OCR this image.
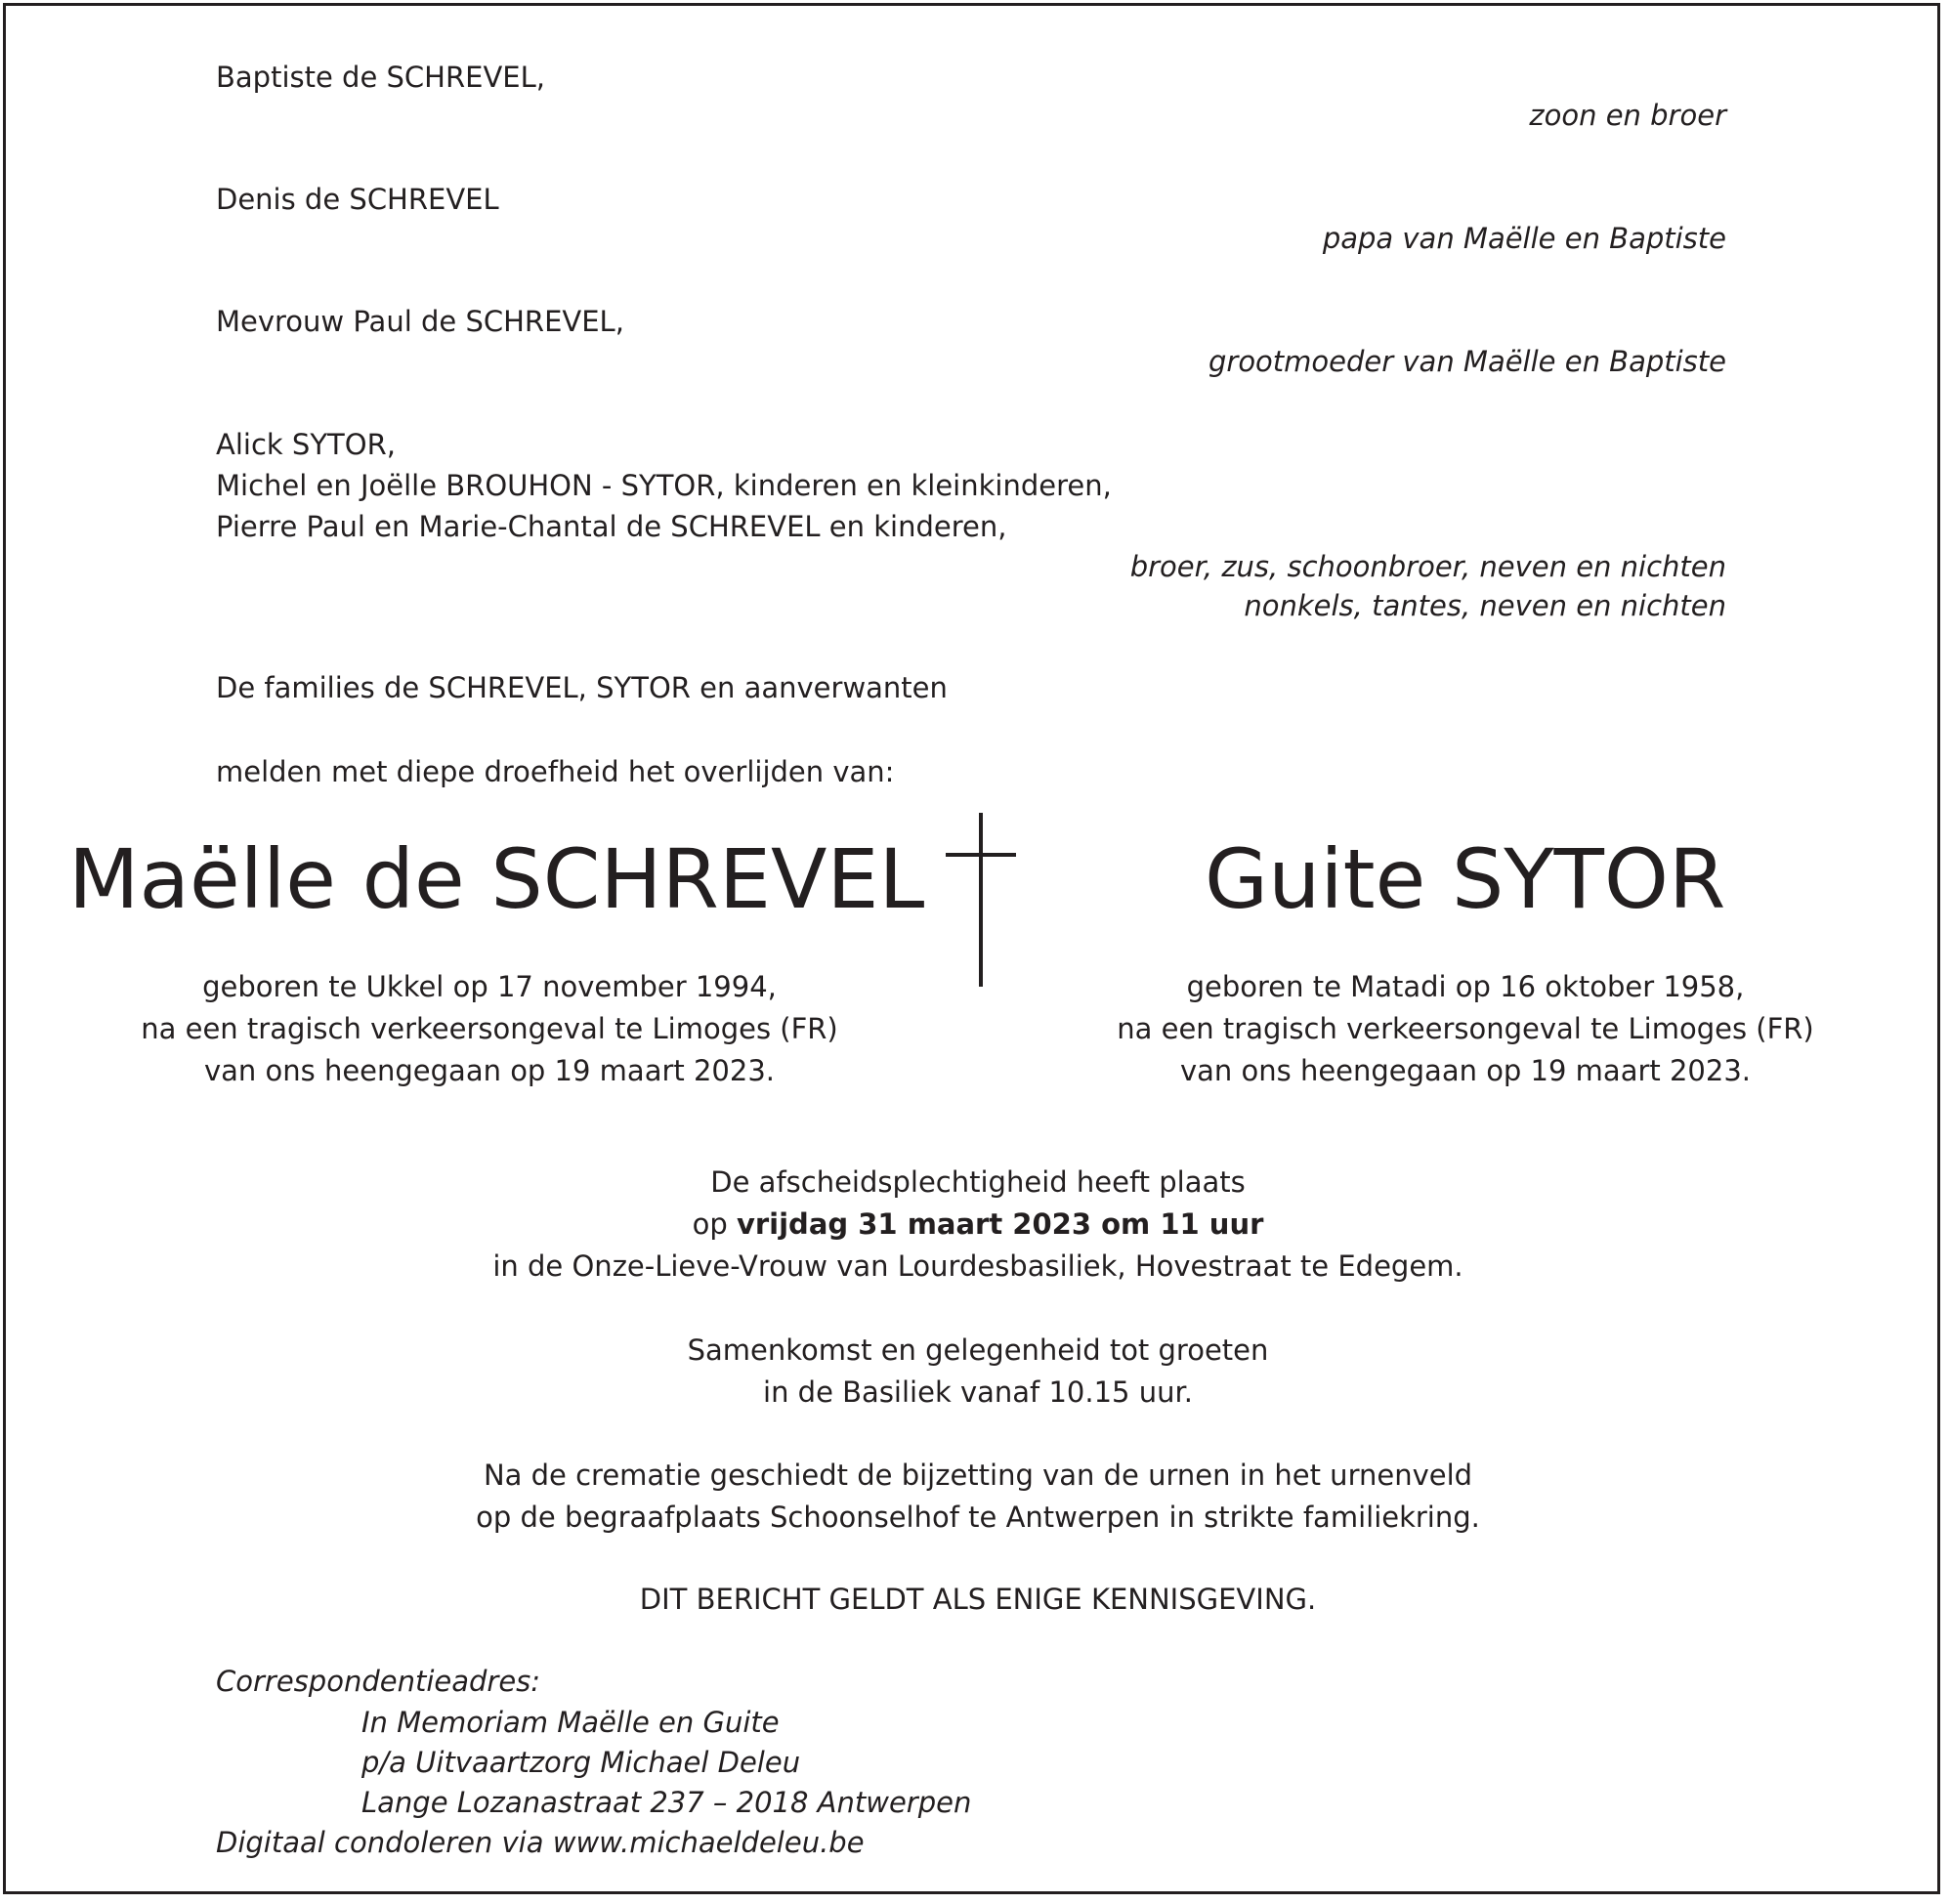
Baptiste de SCHREVEL,
zoon en broer
Denis de SCHREVEL
papa van Maëlle en Baptiste
Mevrouw Paul de SCHREVEL,
grootmoeder van Maëlle en Baptiste
Alick SYTOR,
Michel en Joëlle BROUHON - SYTOR, kinderen en kleinkinderen,
Pierre Paul en Marie-Chantal de SCHREVEL en kinderen,
broer, zus, schoonbroer, neven en nichten
nonkels, tantes, neven en nichten
De families de SCHREVEL, SYTOR en aanverwanten
melden met diepe droefheid het overlijden van:
Maëlle de SCHREVEL	Guite SYTOR
geboren te Ukkel op 17 november 1994,
na een tragisch verkeersongeval te Limoges (FR)
van ons heengegaan op 19 maart 2023.
geboren te Matadi op 16 oktober 1958,
na een tragisch verkeersongeval te Limoges (FR)
van ons heengegaan op 19 maart 2023.
De afscheidsplechtigheid heeft plaats
op vrijdag 31 maart 2023 om 11 uur
in de Onze-Lieve-Vrouw van Lourdesbasiliek, Hovestraat te Edegem.
Samenkomst en gelegenheid tot groeten
in de Basiliek vanaf 10.15 uur.
Na de crematie geschiedt de bijzetting van de urnen in het urnenveld
op de begraafplaats Schoonselhof te Antwerpen in strikte familiekring.
DIT BERICHT GELDT ALS ENIGE KENNISGEVING.
Correspondentieadres:
In Memoriam Maëlle en Guite
p/a Uitvaartzorg Michael Deleu
Lange Lozanastraat 237 – 2018 Antwerpen
Digitaal condoleren via www.michaeldeleu.be
